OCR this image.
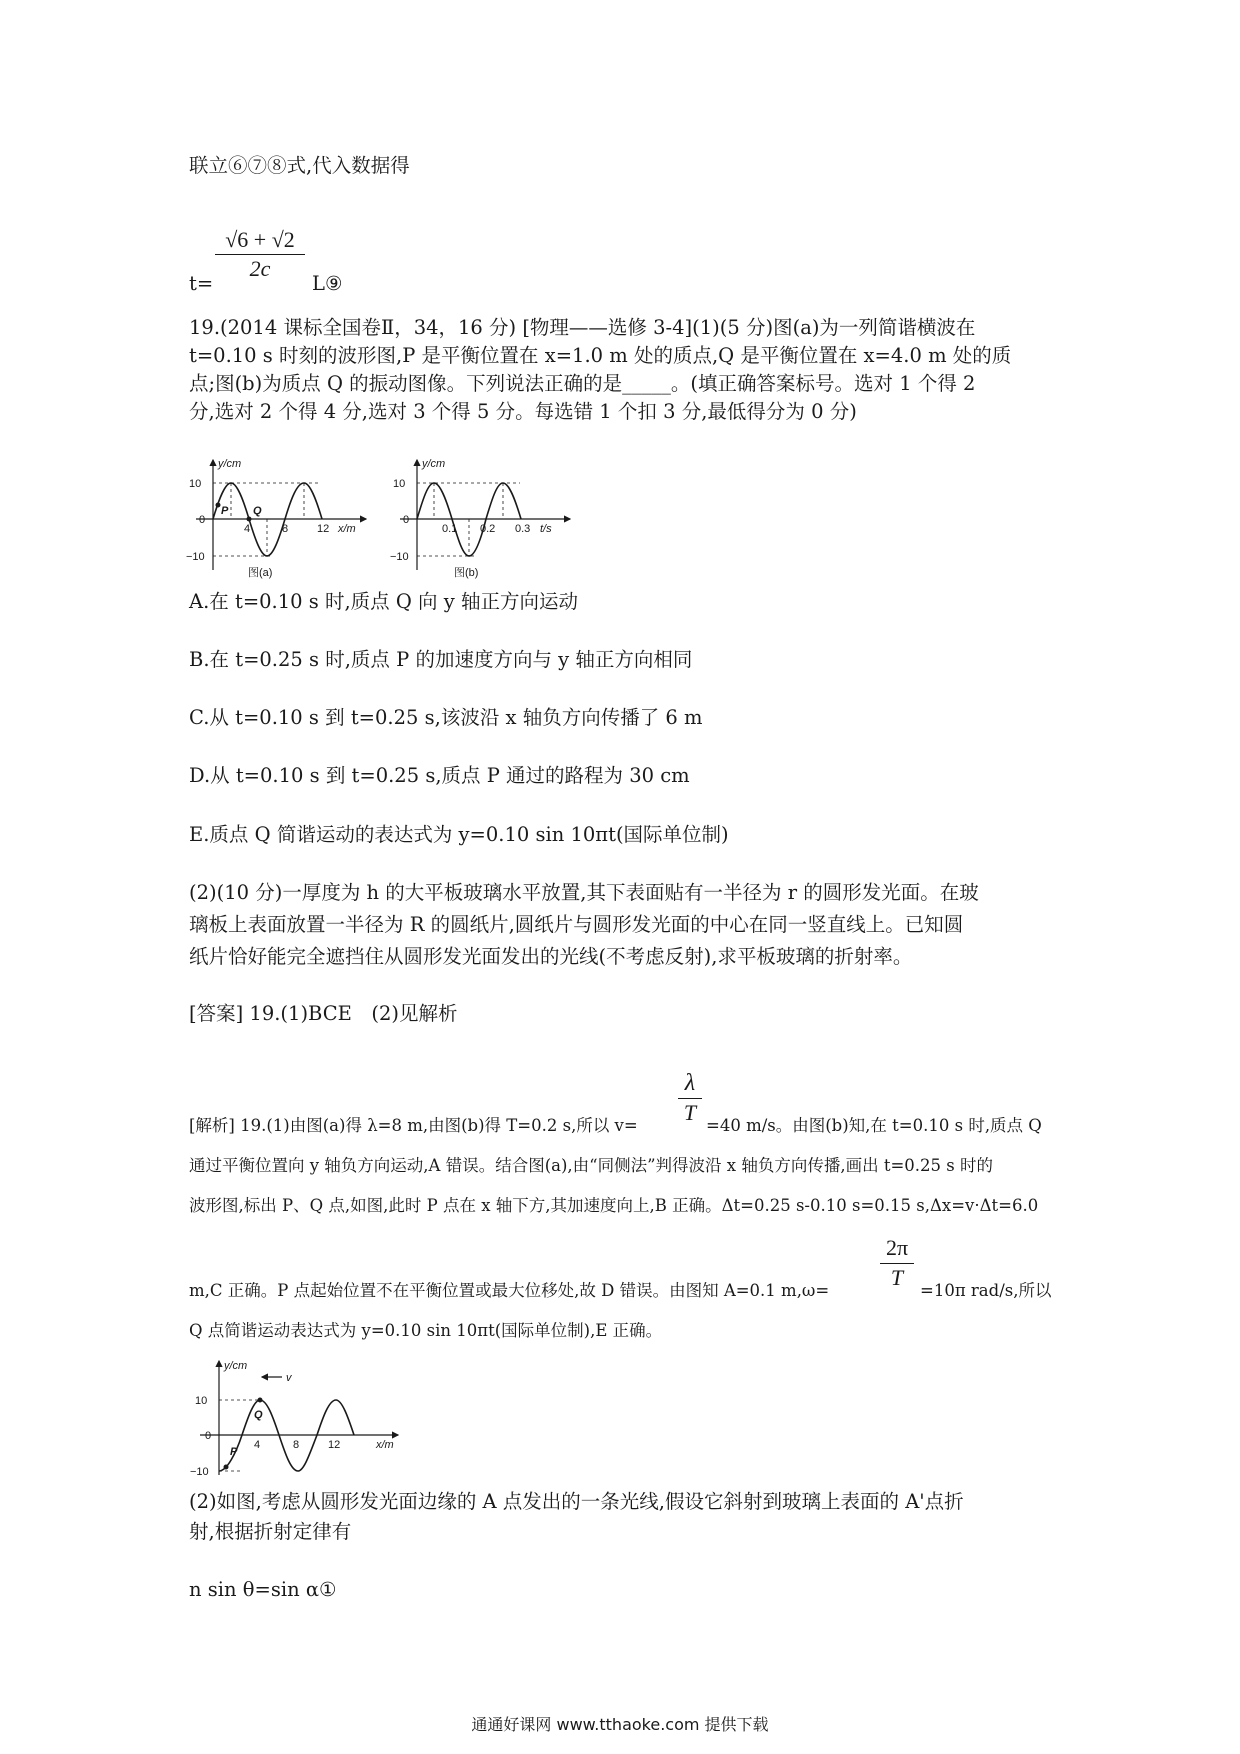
联立⑥⑦⑧式,代入数据得
t=
√6 + √2
2c
L⑨
19.(2014 课标全国卷Ⅱ，34，16 分) [物理——选修 3-4](1)(5 分)图(a)为一列简谐横波在
t=0.10 s 时刻的波形图,P 是平衡位置在 x=1.0 m 处的质点,Q 是平衡位置在 x=4.0 m 处的质
点;图(b)为质点 Q 的振动图像。下列说法正确的是_____。(填正确答案标号。选对 1 个得 2
分,选对 2 个得 4 分,选对 3 个得 5 分。每选错 1 个扣 3 分,最低得分为 0 分)
y/cm
x/m
10
0
−10
4	8	12
P Q
图(a)
y/cm
t/s
10
0
−10
0.1 0.2 0.3
图(b)
A.在 t=0.10 s 时,质点 Q 向 y 轴正方向运动
B.在 t=0.25 s 时,质点 P 的加速度方向与 y 轴正方向相同
C.从 t=0.10 s 到 t=0.25 s,该波沿 x 轴负方向传播了 6 m
D.从 t=0.10 s 到 t=0.25 s,质点 P 通过的路程为 30 cm
E.质点 Q 简谐运动的表达式为 y=0.10 sin 10πt(国际单位制)
(2)(10 分)一厚度为 h 的大平板玻璃水平放置,其下表面贴有一半径为 r 的圆形发光面。在玻
璃板上表面放置一半径为 R 的圆纸片,圆纸片与圆形发光面的中心在同一竖直线上。已知圆
纸片恰好能完全遮挡住从圆形发光面发出的光线(不考虑反射),求平板玻璃的折射率。
[答案] 19.(1)BCE　(2)见解析
[解析] 19.(1)由图(a)得 λ=8 m,由图(b)得 T=0.2 s,所以 v=
λ
T
=40 m/s。由图(b)知,在 t=0.10 s 时,质点 Q
通过平衡位置向 y 轴负方向运动,A 错误。结合图(a),由“同侧法”判得波沿 x 轴负方向传播,画出 t=0.25 s 时的
波形图,标出 P、Q 点,如图,此时 P 点在 x 轴下方,其加速度向上,B 正确。Δt=0.25 s-0.10 s=0.15 s,Δx=v·Δt=6.0
m,C 正确。P 点起始位置不在平衡位置或最大位移处,故 D 错误。由图知 A=0.1 m,ω=
2π
T
=10π rad/s,所以
Q 点简谐运动表达式为 y=0.10 sin 10πt(国际单位制),E 正确。
y/cm
v
x/m
10
0
−10
4	8	12
Q
P
(2)如图,考虑从圆形发光面边缘的 A 点发出的一条光线,假设它斜射到玻璃上表面的 A'点折
射,根据折射定律有
n sin θ=sin α①
通通好课网 www.tthaoke.com 提供下载
